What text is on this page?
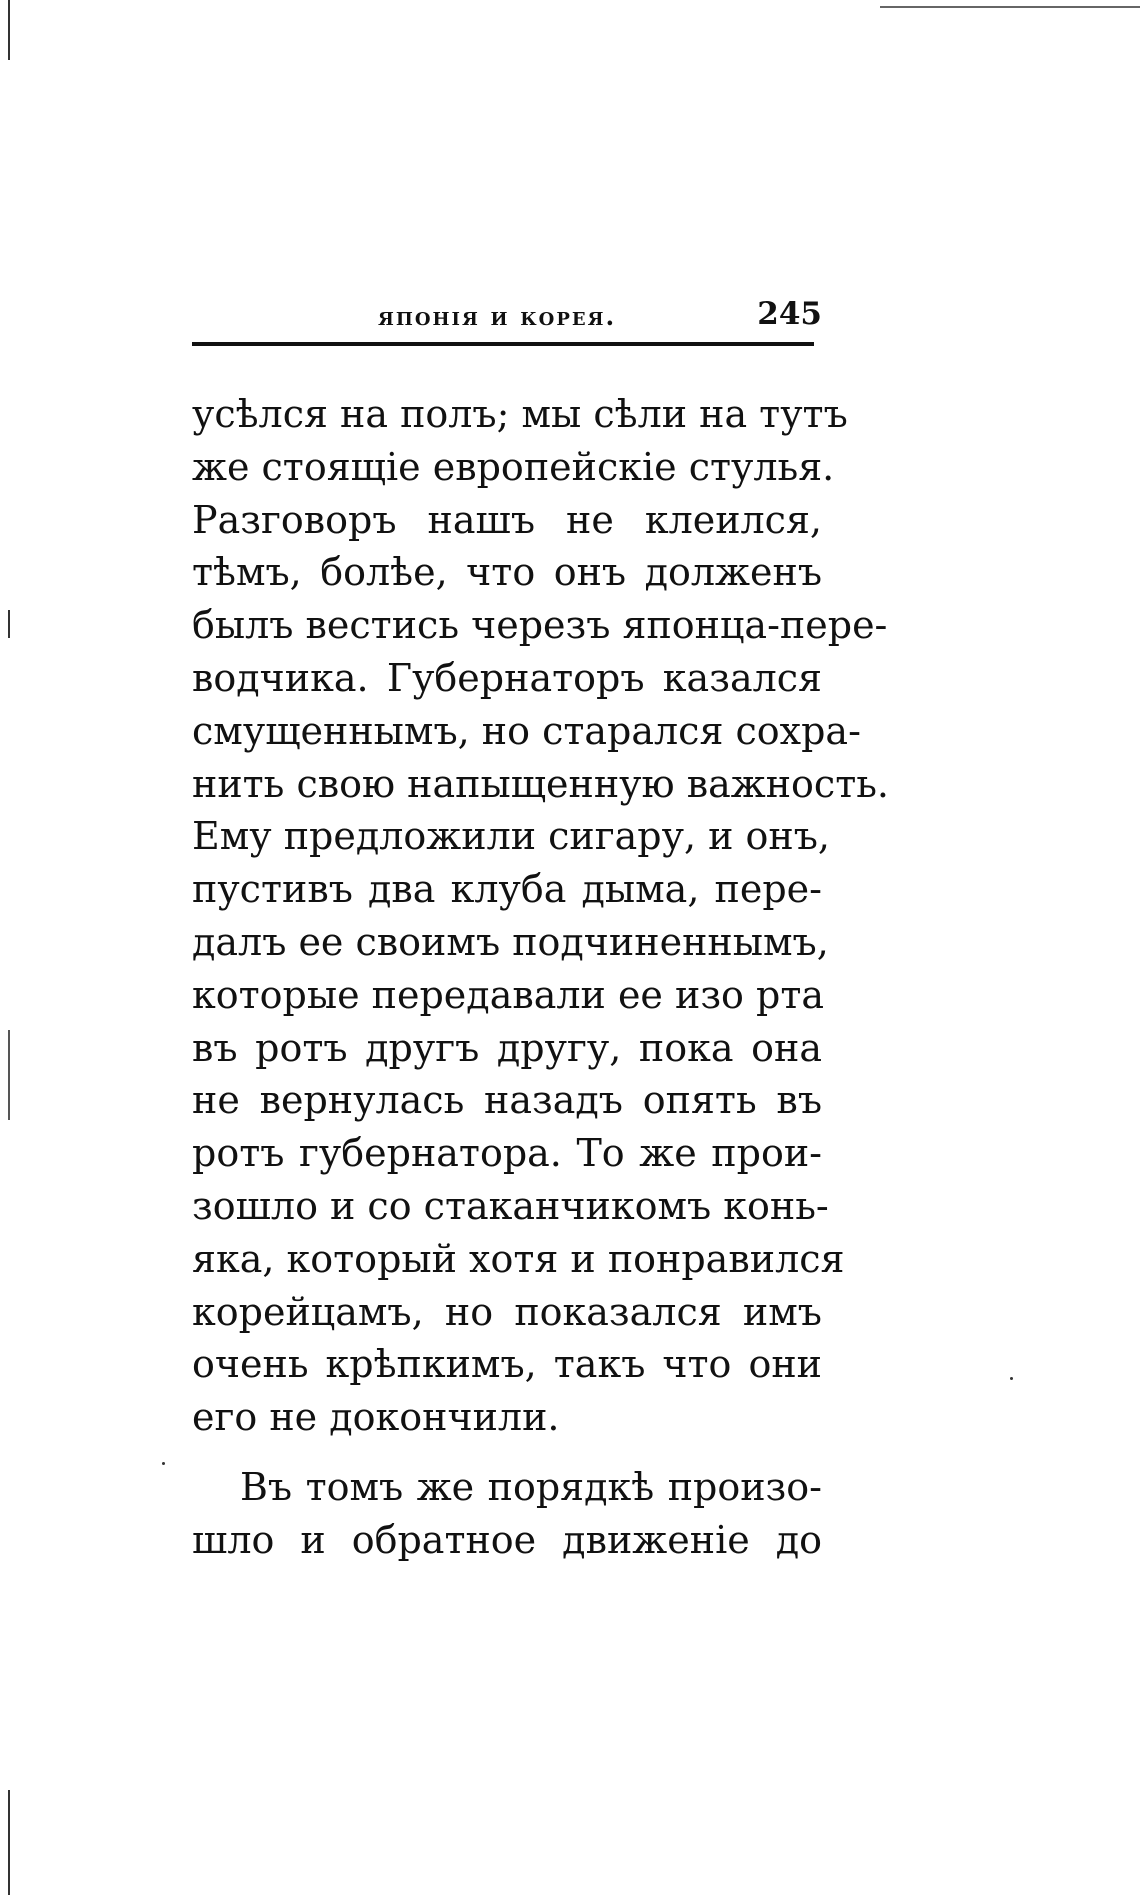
японія и корея.	245
усѣлся на полъ; мы сѣли на тутъ
же стоящіе европейскіе стулья.
Разговоръ нашъ не клеился,
тѣмъ, болѣе, что онъ долженъ
былъ вестись черезъ японца-пере-
водчика. Губернаторъ казался
смущеннымъ, но старался сохра-
нить свою напыщенную важность.
Ему предложили сигару, и онъ,
пустивъ два клуба дыма, пере-
далъ ее своимъ подчиненнымъ,
которые передавали ее изо рта
въ ротъ другъ другу, пока она
не вернулась назадъ опять въ
ротъ губернатора. То же прои-
зошло и со стаканчикомъ конь-
яка, который хотя и понравился
корейцамъ, но показался имъ
очень крѣпкимъ, такъ что они
его не докончили.
Въ томъ же порядкѣ произо-
шло и обратное движеніе до
